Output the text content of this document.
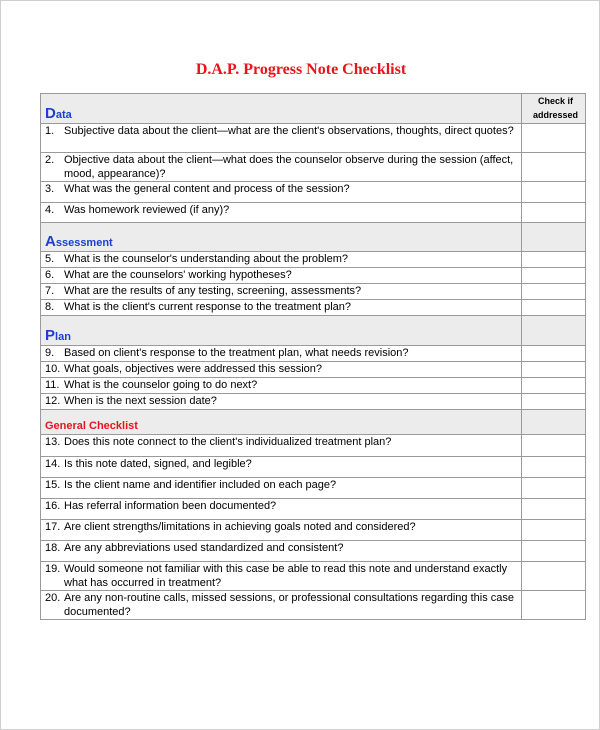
D.A.P. Progress Note Checklist
Data	Check if addressed

1. Subjective data about the client—what are the client's observations, thoughts, direct quotes?	

2. Objective data about the client—what does the counselor observe during the session (affect, mood, appearance)?	

3. What was the general content and process of the session?	

4. Was homework reviewed (if any)?	

Assessment	

5. What is the counselor's understanding about the problem?	

6. What are the counselors' working hypotheses?	

7. What are the results of any testing, screening, assessments?	

8. What is the client's current response to the treatment plan?	

Plan	

9. Based on client's response to the treatment plan, what needs revision?	

10. What goals, objectives were addressed this session?	

11. What is the counselor going to do next?	

12. When is the next session date?	

General Checklist	

13. Does this note connect to the client's individualized treatment plan?	

14. Is this note dated, signed, and legible?	

15. Is the client name and identifier included on each page?	

16. Has referral information been documented?	

17. Are client strengths/limitations in achieving goals noted and considered?	

18. Are any abbreviations used standardized and consistent?	

19. Would someone not familiar with this case be able to read this note and understand exactly what has occurred in treatment?	

20. Are any non-routine calls, missed sessions, or professional consultations regarding this case documented?	
